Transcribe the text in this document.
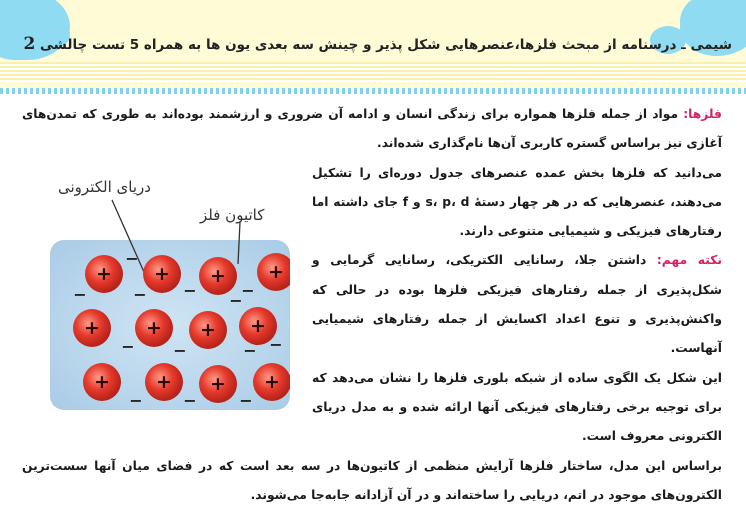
شیمی ـ درسنامه از مبحث فلزها،عنصرهایی شکل پذیر و چینش سه بعدی یون ها به همراه 5 تست چالشی 2
دریای الکترونی
کاتیون فلز
+ + + +
+ + + +
+ + + +
−
− −	−
− −
−
−
−
−
−	−
−

فلزها: مواد از جمله فلزها همواره برای زندگی انسان و ادامه آن ضروری و ارزشمند بوده‌اند به طوری که تمدن‌های آغازی نیز براساس گستره کاربری آن‌ها نام‌گذاری شده‌اند.

می‌دانید که فلزها بخش عمده عنصرهای جدول دوره‌ای را تشکیل می‌دهند، عنصرهایی که در هر چهار دستهٔ s، p، d و f جای داشته اما رفتارهای فیزیکی و شیمیایی متنوعی دارند.

نکته مهم: داشتن جلا، رسانایی الکتریکی، رسانایی گرمایی و شکل‌پذیری از جمله رفتارهای فیزیکی فلزها بوده در حالی که واکنش‌پذیری و تنوع اعداد اکسایش از جمله رفتارهای شیمیایی آنهاست.

این شکل یک الگوی ساده از شبکه بلوری فلزها را نشان می‌دهد که برای توجیه برخی رفتارهای فیزیکی آنها ارائه شده و به مدل دریای الکترونی معروف است.

براساس این مدل، ساختار فلزها آرایش منظمی از کاتیون‌ها در سه بعد است که در فضای میان آنها سست‌ترین الکترون‌های موجود در اتم، دریایی را ساخته‌اند و در آن آزادانه جابه‌جا می‌شوند.
